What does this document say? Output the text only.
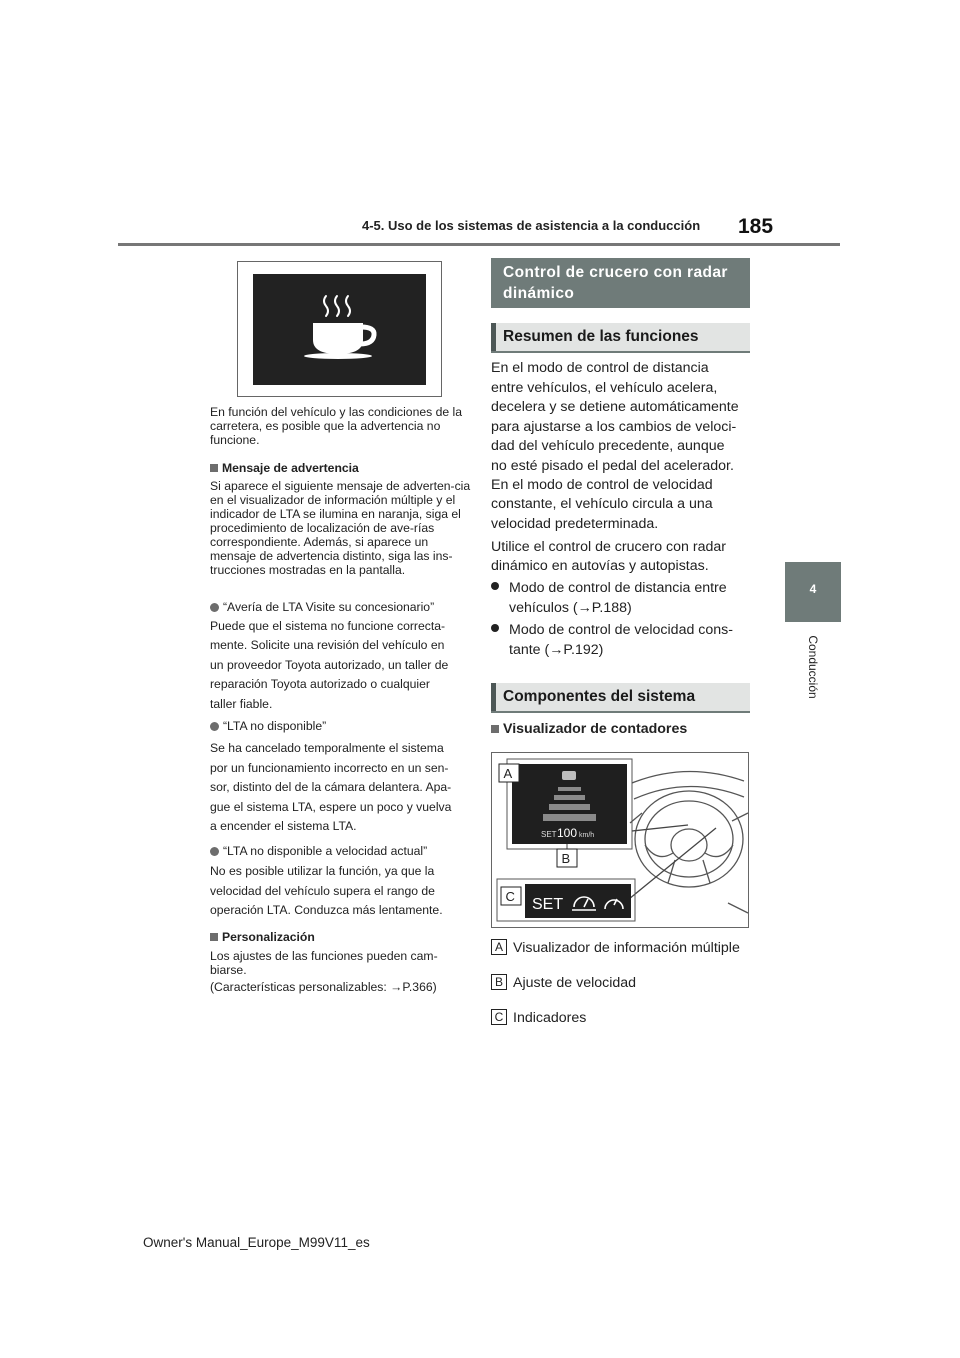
4-5. Uso de los sistemas de asistencia a la conducción 185
4
Conducción

En función del vehículo y las condiciones de la carretera, es posible que la advertencia no funcione.

Mensaje de advertencia

Si aparece el siguiente mensaje de adverten-cia en el visualizador de información múltiple y el indicador de LTA se ilumina en naranja, siga el procedimiento de localización de ave-rías correspondiente. Además, si aparece un mensaje de advertencia distinto, siga las ins-trucciones mostradas en la pantalla.

“Avería de LTA Visite su concesionario”
Puede que el sistema no funcione correcta-
mente. Solicite una revisión del vehículo en
un proveedor Toyota autorizado, un taller de
reparación Toyota autorizado o cualquier
taller fiable.
“LTA no disponible”
Se ha cancelado temporalmente el sistema
por un funcionamiento incorrecto en un sen-
sor, distinto del de la cámara delantera. Apa-
gue el sistema LTA, espere un poco y vuelva
a encender el sistema LTA.
“LTA no disponible a velocidad actual”
No es posible utilizar la función, ya que la
velocidad del vehículo supera el rango de
operación LTA. Conduzca más lentamente.
Personalización

Los ajustes de las funciones pueden cam-biarse.

(Características personalizables: →P.366)
Control de crucero con radar dinámico
Resumen de las funciones
En el modo de control de distancia
entre vehículos, el vehículo acelera,
decelera y se detiene automáticamente
para ajustarse a los cambios de veloci-
dad del vehículo precedente, aunque
no esté pisado el pedal del acelerador.
En el modo de control de velocidad
constante, el vehículo circula a una
velocidad predeterminada.
Utilice el control de crucero con radar
dinámico en autovías y autopistas.
Modo de control de distancia entre
vehículos (→P.188)
Modo de control de velocidad cons-
tante (→P.192)
Componentes del sistema
Visualizador de contadores
SET 100 km/h
A
B
SET
C
A Visualizador de información múltiple
B Ajuste de velocidad
C Indicadores
Owner's Manual_Europe_M99V11_es
